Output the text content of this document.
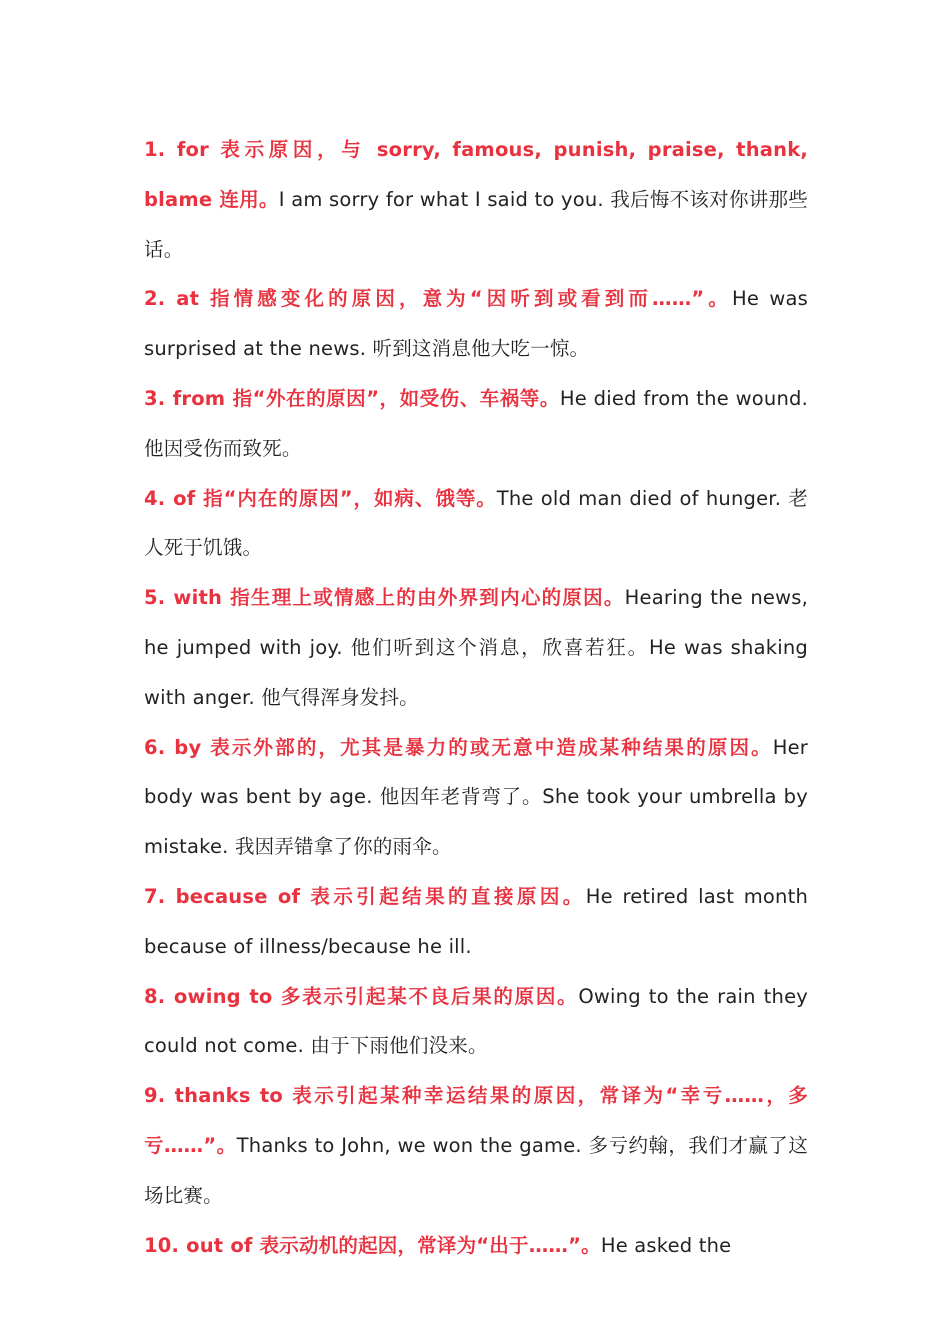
1. for 表示原因，与 sorry, famous, punish, praise, thank, blame 连用。I am sorry for what I said to you. 我后悔不该对你讲那些话。

2. at 指情感变化的原因，意为“因听到或看到而……”。He was surprised at the news. 听到这消息他大吃一惊。

3. from 指“外在的原因”，如受伤、车祸等。He died from the wound. 他因受伤而致死。

4. of 指“内在的原因”，如病、饿等。The old man died of hunger. 老人死于饥饿。

5. with 指生理上或情感上的由外界到内心的原因。Hearing the news, he jumped with joy. 他们听到这个消息，欣喜若狂。He was shaking with anger. 他气得浑身发抖。

6. by 表示外部的，尤其是暴力的或无意中造成某种结果的原因。Her body was bent by age. 他因年老背弯了。She took your umbrella by mistake. 我因弄错拿了你的雨伞。

7. because of 表示引起结果的直接原因。He retired last month because of illness/because he ill.

8. owing to 多表示引起某不良后果的原因。Owing to the rain they could not come. 由于下雨他们没来。

9. thanks to 表示引起某种幸运结果的原因，常译为“幸亏……，多亏……”。Thanks to John, we won the game. 多亏约翰，我们才赢了这场比赛。

10. out of 表示动机的起因，常译为“出于……”。He asked the
